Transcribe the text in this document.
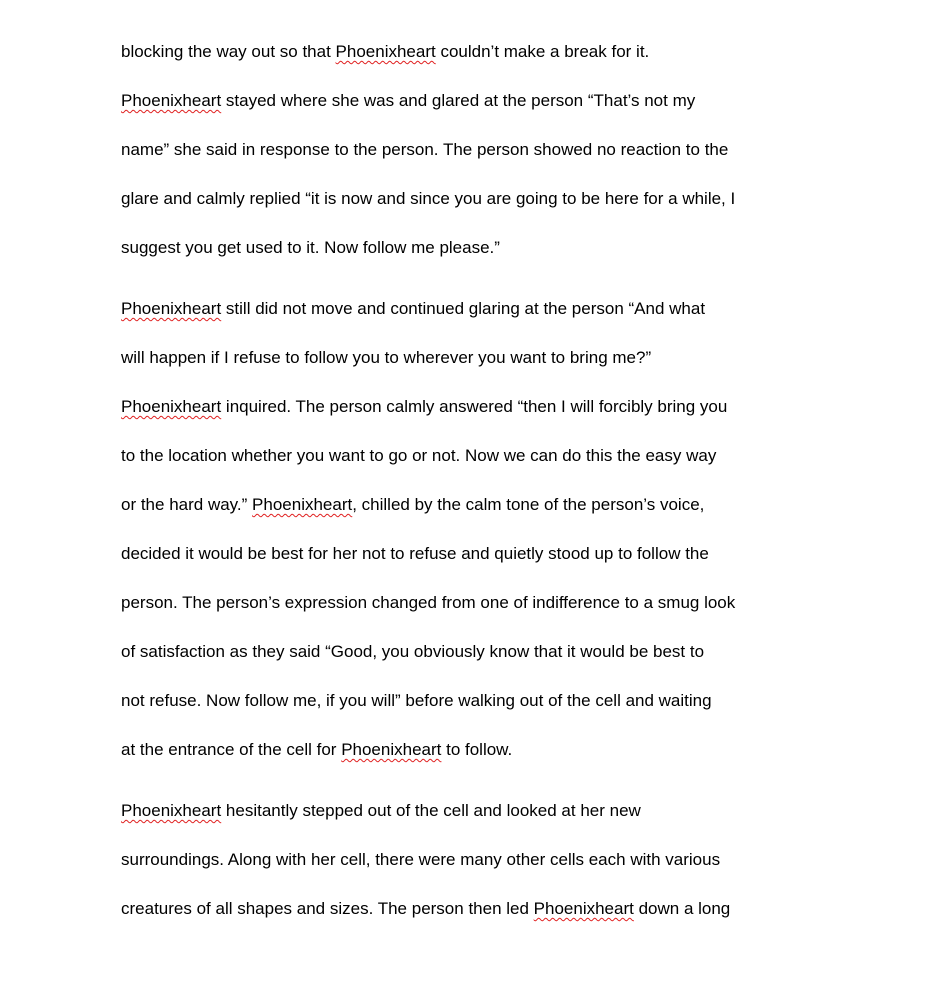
blocking the way out so that Phoenixheart couldn’t make a break for it.
Phoenixheart stayed where she was and glared at the person “That’s not my
name” she said in response to the person. The person showed no reaction to the
glare and calmly replied “it is now and since you are going to be here for a while, I
suggest you get used to it. Now follow me please.”
Phoenixheart still did not move and continued glaring at the person “And what
will happen if I refuse to follow you to wherever you want to bring me?”
Phoenixheart inquired. The person calmly answered “then I will forcibly bring you
to the location whether you want to go or not. Now we can do this the easy way
or the hard way.” Phoenixheart, chilled by the calm tone of the person’s voice,
decided it would be best for her not to refuse and quietly stood up to follow the
person. The person’s expression changed from one of indifference to a smug look
of satisfaction as they said “Good, you obviously know that it would be best to
not refuse. Now follow me, if you will” before walking out of the cell and waiting
at the entrance of the cell for Phoenixheart to follow.
Phoenixheart hesitantly stepped out of the cell and looked at her new
surroundings. Along with her cell, there were many other cells each with various
creatures of all shapes and sizes. The person then led Phoenixheart down a long
